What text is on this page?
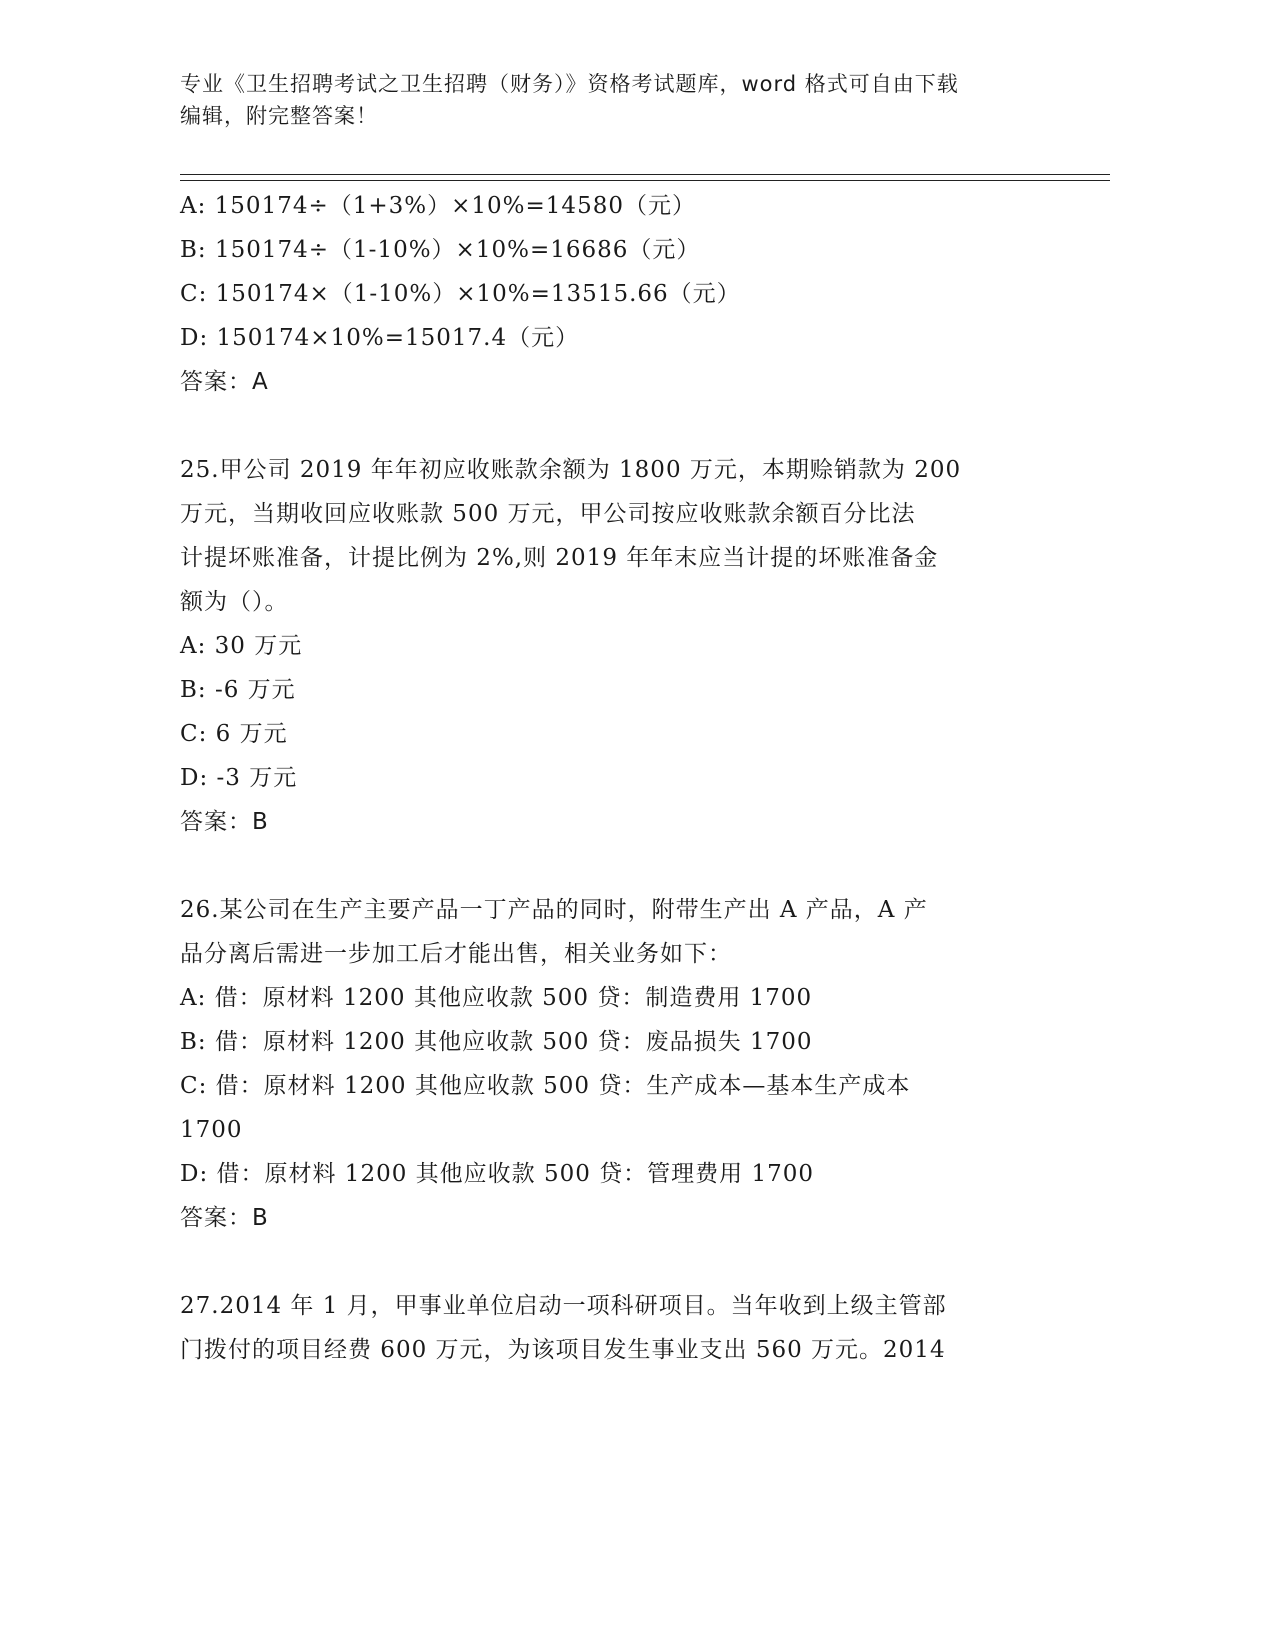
专业《卫生招聘考试之卫生招聘（财务）》资格考试题库，word 格式可自由下载
编辑，附完整答案！
A: 150174÷（1+3%）×10%=14580（元）
B: 150174÷（1-10%）×10%=16686（元）
C: 150174×（1-10%）×10%=13515.66（元）
D: 150174×10%=15017.4（元）
答案：A
25.甲公司 2019 年年初应收账款余额为 1800 万元，本期赊销款为 200
万元，当期收回应收账款 500 万元，甲公司按应收账款余额百分比法
计提坏账准备，计提比例为 2%,则 2019 年年末应当计提的坏账准备金
额为（）。
A: 30 万元
B: -6 万元
C: 6 万元
D: -3 万元
答案：B
26.某公司在生产主要产品一丁产品的同时，附带生产出 A 产品，A 产
品分离后需进一步加工后才能出售，相关业务如下：
A: 借：原材料 1200 其他应收款 500 贷：制造费用 1700
B: 借：原材料 1200 其他应收款 500 贷：废品损失 1700
C: 借：原材料 1200 其他应收款 500 贷：生产成本—基本生产成本
1700
D: 借：原材料 1200 其他应收款 500 贷：管理费用 1700
答案：B
27.2014 年 1 月，甲事业单位启动一项科研项目。当年收到上级主管部
门拨付的项目经费 600 万元，为该项目发生事业支出 560 万元。2014
